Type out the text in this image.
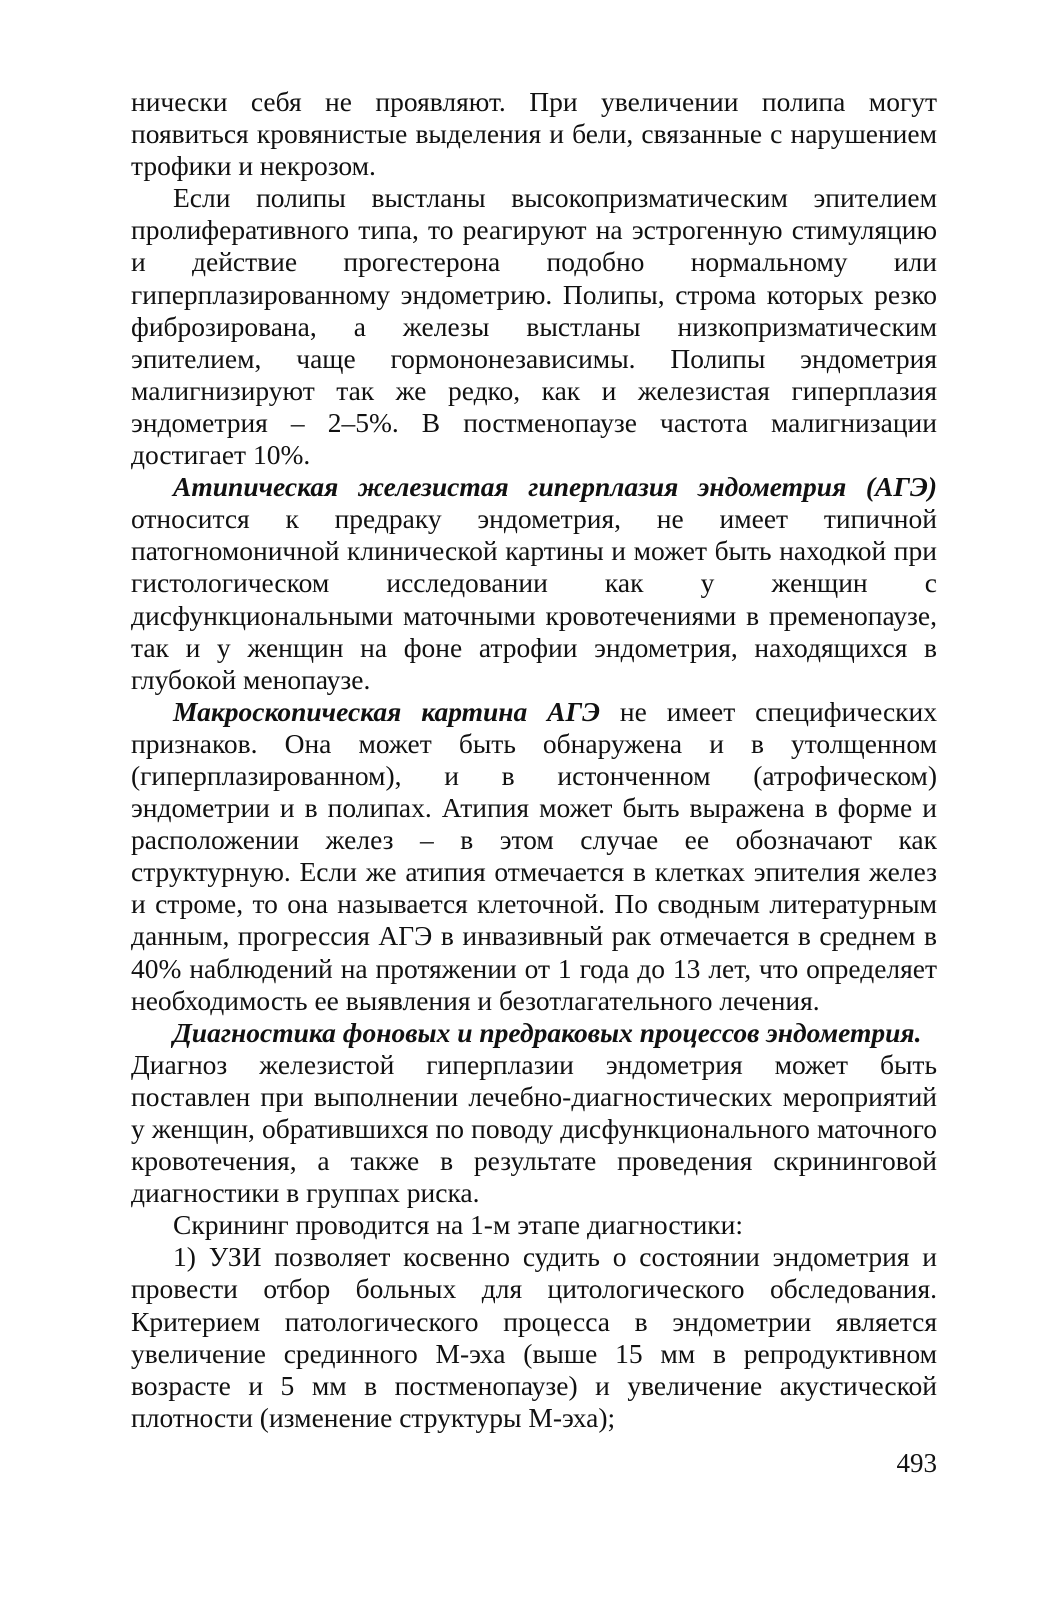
нически себя не проявляют. При увеличении полипа могут появиться кровянистые выделения и бели, связанные с нарушением трофики и некрозом.

Если полипы выстланы высокопризматическим эпителием пролиферативного типа, то реагируют на эстрогенную стимуляцию и действие прогестерона подобно нормальному или гиперплазированному эндометрию. Полипы, строма которых резко фиброзирована, а железы выстланы низкопризматическим эпителием, чаще гормононезависимы. Полипы эндометрия малигнизируют так же редко, как и железистая гиперплазия эндометрия – 2–5%. В постменопаузе частота малигнизации достигает 10%.

Атипическая железистая гиперплазия эндометрия (АГЭ) относится к предраку эндометрия, не имеет типичной патогномоничной клинической картины и может быть находкой при гистологическом исследовании как у женщин с дисфункциональными маточными кровотечениями в пременопаузе, так и у женщин на фоне атрофии эндометрия, находящихся в глубокой менопаузе.

Макроскопическая картина АГЭ не имеет специфических признаков. Она может быть обнаружена и в утолщенном (гиперплазированном), и в истонченном (атрофическом) эндометрии и в полипах. Атипия может быть выражена в форме и расположении желез – в этом случае ее обозначают как структурную. Если же атипия отмечается в клетках эпителия желез и строме, то она называется клеточной. По сводным литературным данным, прогрессия АГЭ в инвазивный рак отмечается в среднем в 40% наблюдений на протяжении от 1 года до 13 лет, что определяет необходимость ее выявления и безотлагательного лечения.

Диагностика фоновых и предраковых процессов эндометрия.

Диагноз железистой гиперплазии эндометрия может быть поставлен при выполнении лечебно-диагностических мероприятий у женщин, обратившихся по поводу дисфункционального маточного кровотечения, а также в результате проведения скрининговой диагностики в группах риска.

Скрининг проводится на 1-м этапе диагностики:

1) УЗИ позволяет косвенно судить о состоянии эндометрия и провести отбор больных для цитологического обследования. Критерием патологического процесса в эндометрии является увеличение срединного М-эха (выше 15 мм в репродуктивном возрасте и 5 мм в постменопаузе) и увеличение акустической плотности (изменение структуры М-эха);

493
